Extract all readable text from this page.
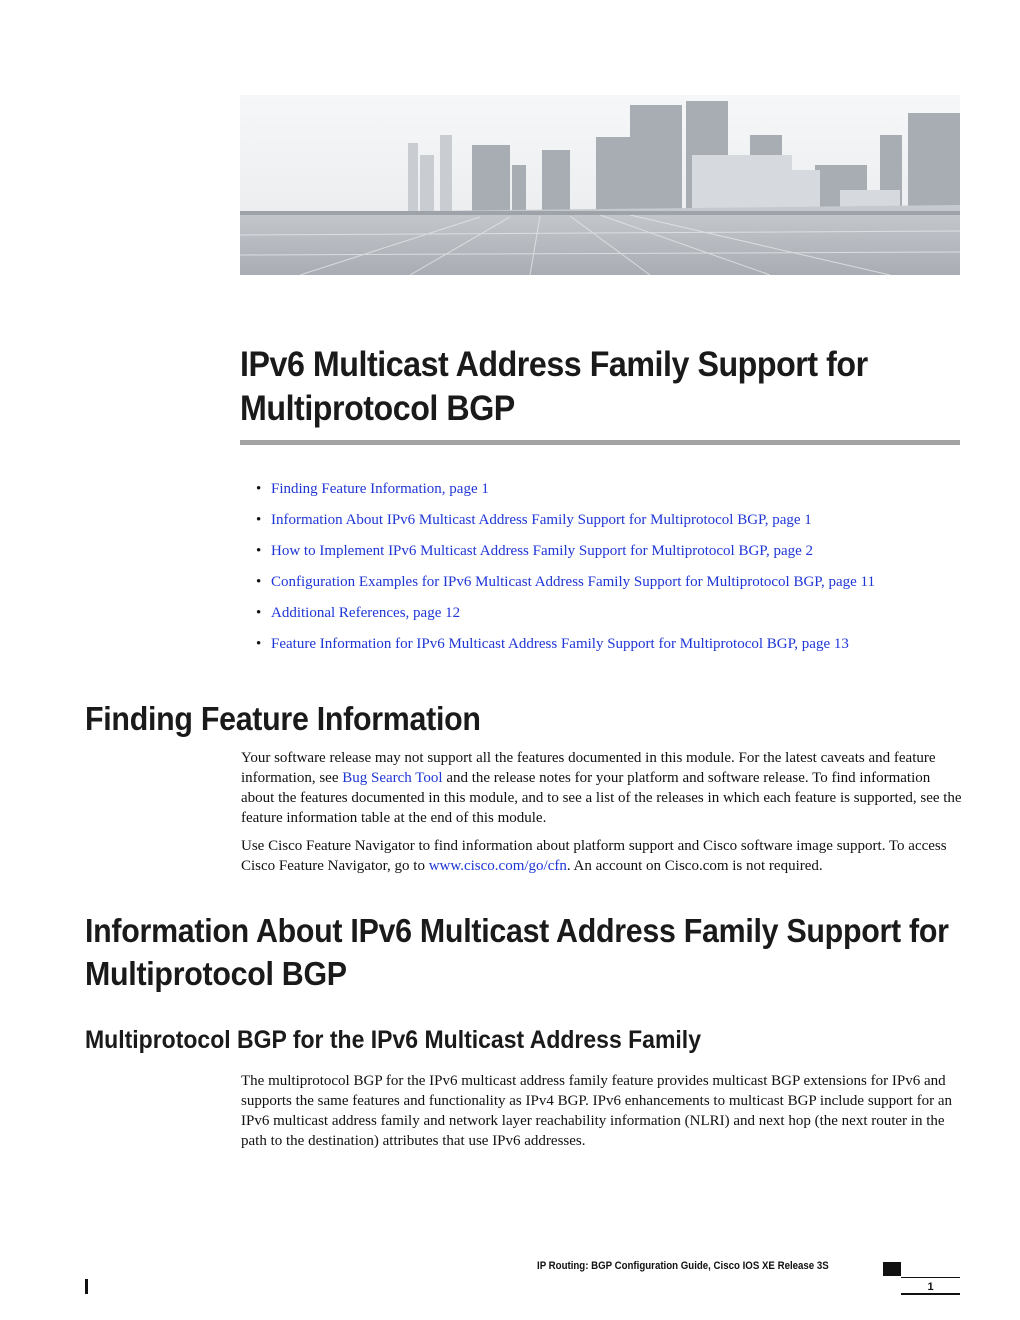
IPv6 Multicast Address Family Support for Multiprotocol BGP
• Finding Feature Information, page 1
• Information About IPv6 Multicast Address Family Support for Multiprotocol BGP, page 1
• How to Implement IPv6 Multicast Address Family Support for Multiprotocol BGP, page 2
• Configuration Examples for IPv6 Multicast Address Family Support for Multiprotocol BGP, page 11
• Additional References, page 12
• Feature Information for IPv6 Multicast Address Family Support for Multiprotocol BGP, page 13
Finding Feature Information

Your software release may not support all the features documented in this module. For the latest caveats and feature information, see Bug Search Tool and the release notes for your platform and software release. To find information about the features documented in this module, and to see a list of the releases in which each feature is supported, see the feature information table at the end of this module.

Use Cisco Feature Navigator to find information about platform support and Cisco software image support. To access Cisco Feature Navigator, go to www.cisco.com/go/cfn. An account on Cisco.com is not required.

Information About IPv6 Multicast Address Family Support for Multiprotocol BGP
Multiprotocol BGP for the IPv6 Multicast Address Family

The multiprotocol BGP for the IPv6 multicast address family feature provides multicast BGP extensions for IPv6 and supports the same features and functionality as IPv4 BGP. IPv6 enhancements to multicast BGP include support for an IPv6 multicast address family and network layer reachability information (NLRI) and next hop (the next router in the path to the destination) attributes that use IPv6 addresses.

IP Routing: BGP Configuration Guide, Cisco IOS XE Release 3S
1
